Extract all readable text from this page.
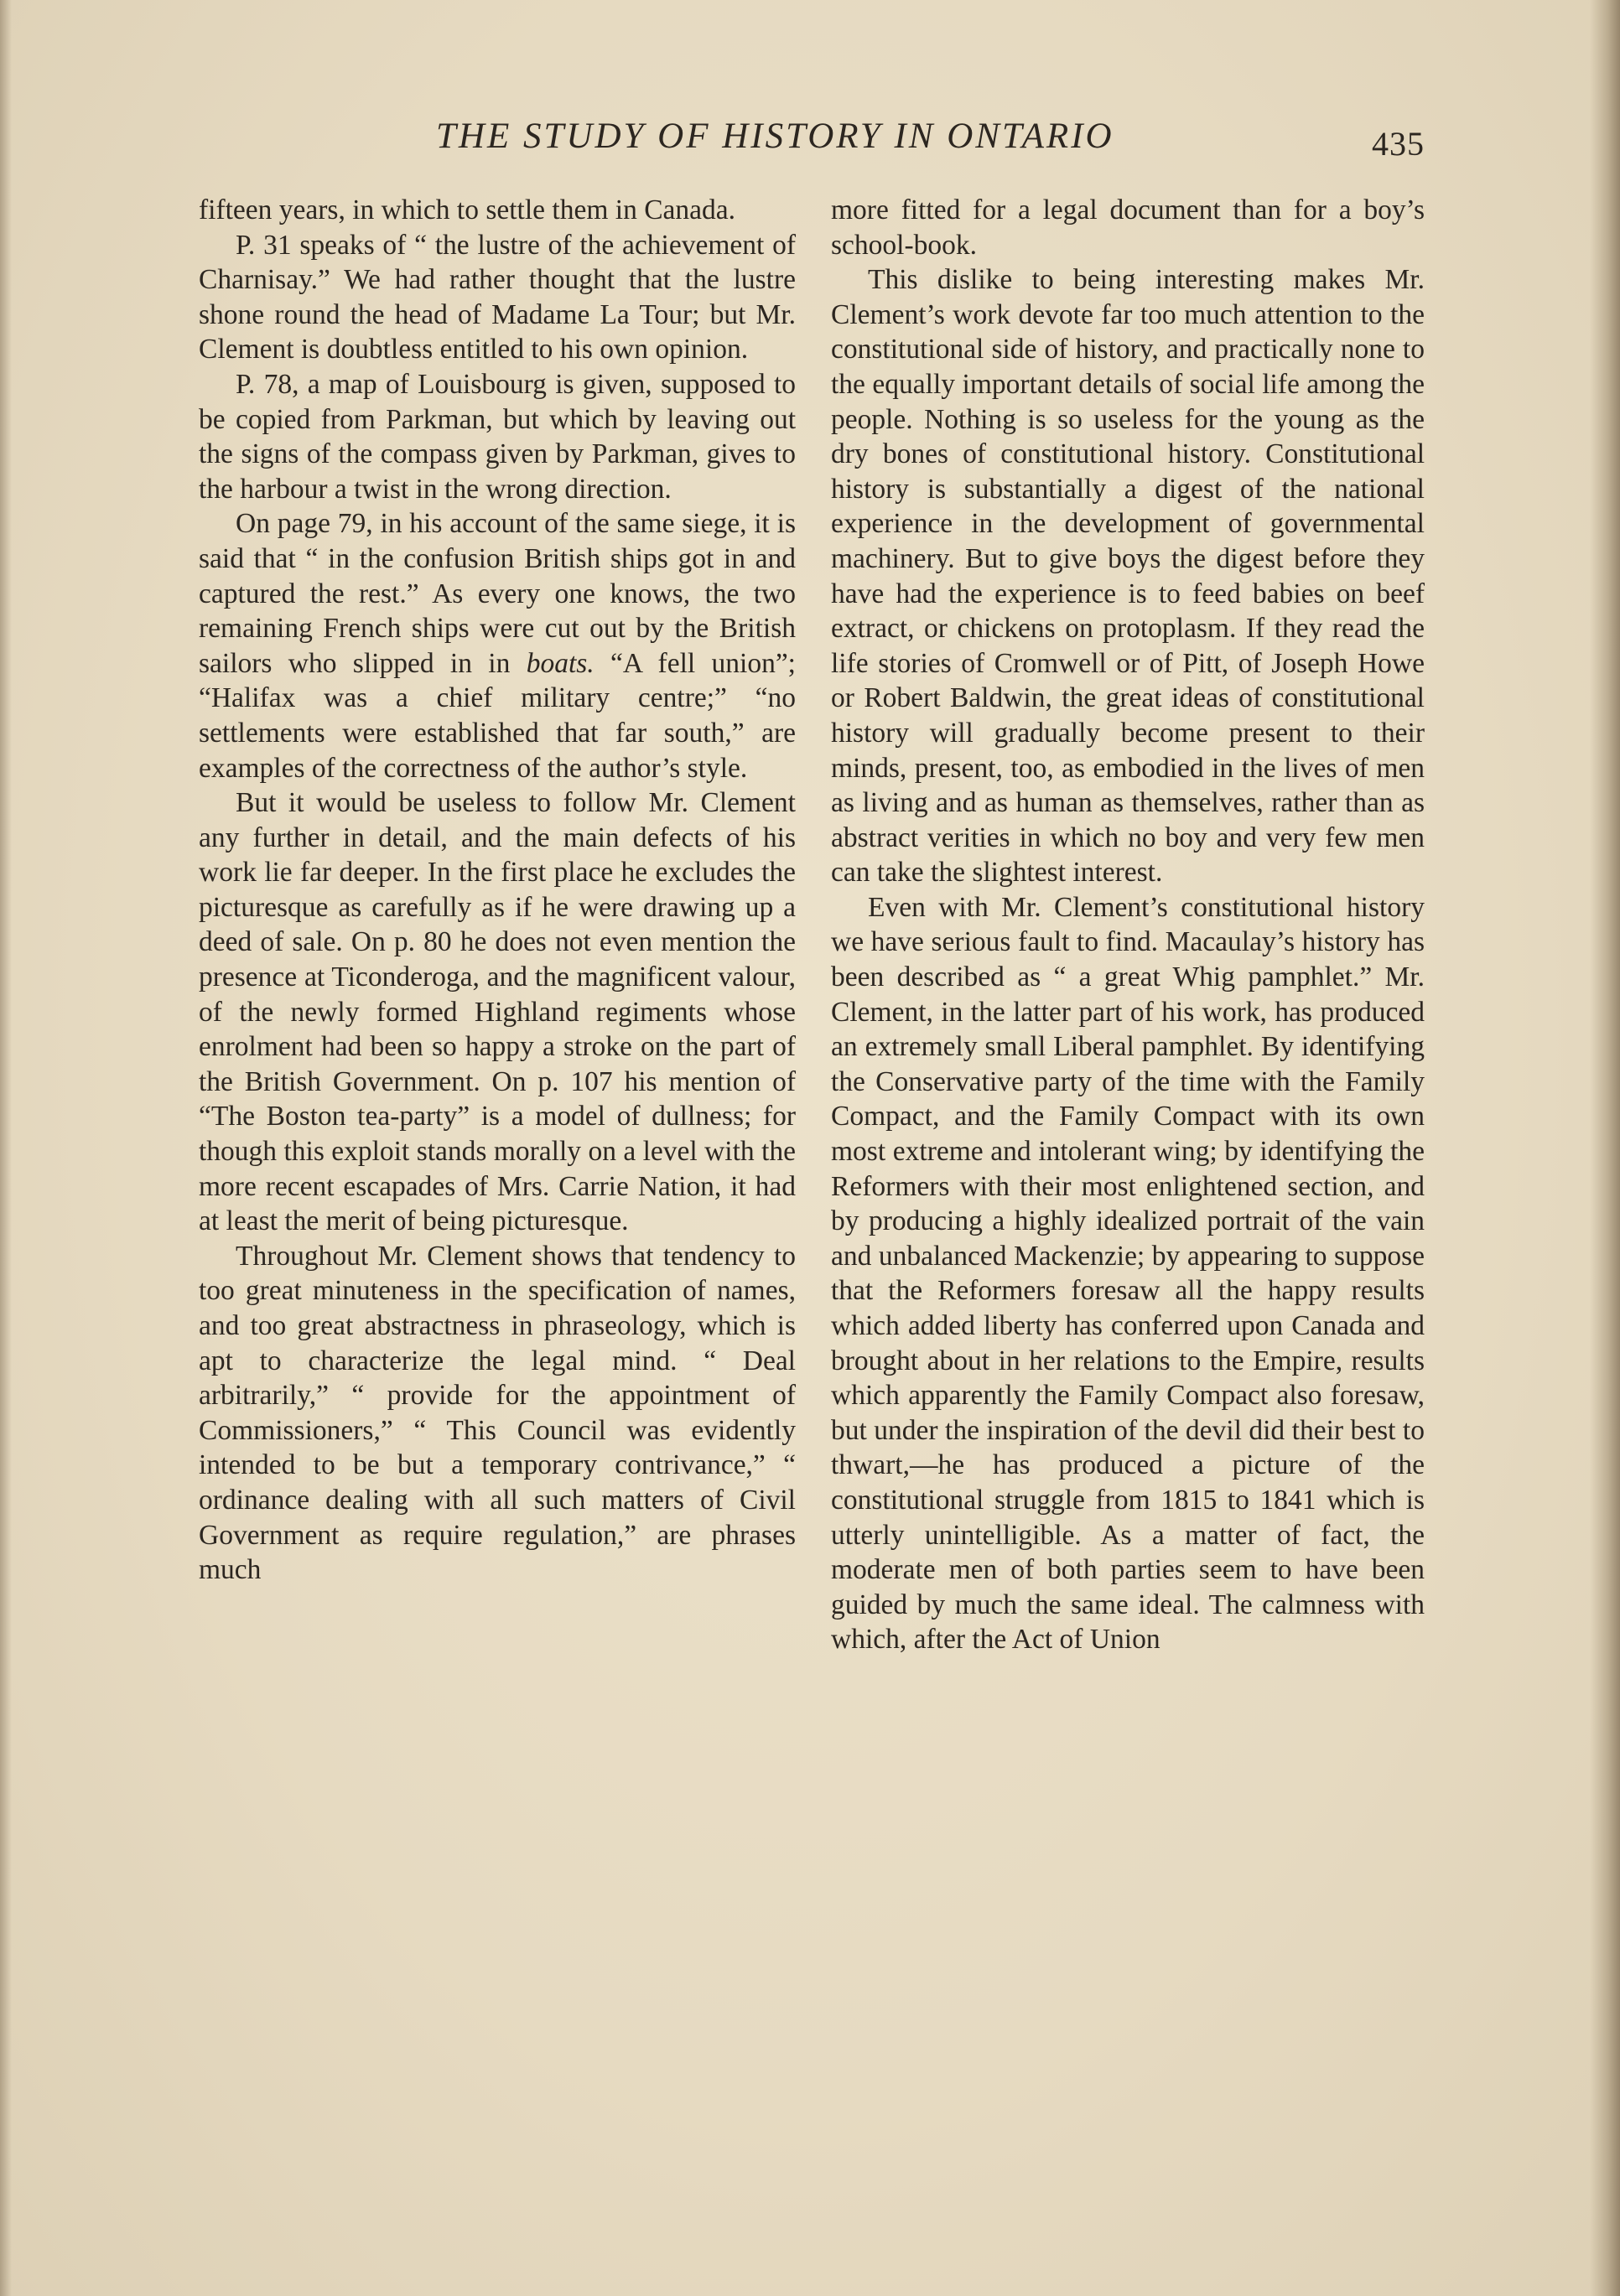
THE STUDY OF HISTORY IN ONTARIO	435

fifteen years, in which to settle them in Canada.

P. 31 speaks of “ the lustre of the achievement of Charnisay.” We had rather thought that the lustre shone round the head of Madame La Tour; but Mr. Clement is doubtless entitled to his own opinion.

P. 78, a map of Louisbourg is given, supposed to be copied from Parkman, but which by leaving out the signs of the compass given by Parkman, gives to the harbour a twist in the wrong direction.

On page 79, in his account of the same siege, it is said that “ in the confusion British ships got in and captured the rest.” As every one knows, the two remaining French ships were cut out by the British sailors who slipped in in boats. “A fell union”; “Halifax was a chief military centre;” “no settlements were established that far south,” are examples of the correctness of the author’s style.

But it would be useless to follow Mr. Clement any further in detail, and the main defects of his work lie far deeper. In the first place he excludes the picturesque as carefully as if he were drawing up a deed of sale. On p. 80 he does not even mention the presence at Ticonderoga, and the magnificent valour, of the newly formed Highland regiments whose enrolment had been so happy a stroke on the part of the British Government. On p. 107 his mention of “The Boston tea-party” is a model of dullness; for though this exploit stands morally on a level with the more recent escapades of Mrs. Carrie Nation, it had at least the merit of being picturesque.

Throughout Mr. Clement shows that tendency to too great minuteness in the specification of names, and too great abstractness in phraseology, which is apt to characterize the legal mind. “ Deal arbitrarily,” “ provide for the appointment of Commissioners,” “ This Council was evidently intended to be but a temporary contrivance,” “ ordinance dealing with all such matters of Civil Government as require regulation,” are phrases much

more fitted for a legal document than for a boy’s school-book.

This dislike to being interesting makes Mr. Clement’s work devote far too much attention to the constitutional side of history, and practically none to the equally important details of social life among the people. Nothing is so useless for the young as the dry bones of constitutional history. Constitutional history is substantially a digest of the national experience in the development of governmental machinery. But to give boys the digest before they have had the experience is to feed babies on beef extract, or chickens on protoplasm. If they read the life stories of Cromwell or of Pitt, of Joseph Howe or Robert Baldwin, the great ideas of constitutional history will gradually become present to their minds, present, too, as embodied in the lives of men as living and as human as themselves, rather than as abstract verities in which no boy and very few men can take the slightest interest.

Even with Mr. Clement’s constitutional history we have serious fault to find. Macaulay’s history has been described as “ a great Whig pamphlet.” Mr. Clement, in the latter part of his work, has produced an extremely small Liberal pamphlet. By identifying the Conservative party of the time with the Family Compact, and the Family Compact with its own most extreme and intolerant wing; by identifying the Reformers with their most enlightened section, and by producing a highly idealized portrait of the vain and unbalanced Mackenzie; by appearing to suppose that the Reformers foresaw all the happy results which added liberty has conferred upon Canada and brought about in her relations to the Empire, results which apparently the Family Compact also foresaw, but under the inspiration of the devil did their best to thwart,—he has produced a picture of the constitutional struggle from 1815 to 1841 which is utterly unintelligible. As a matter of fact, the moderate men of both parties seem to have been guided by much the same ideal. The calmness with which, after the Act of Union
